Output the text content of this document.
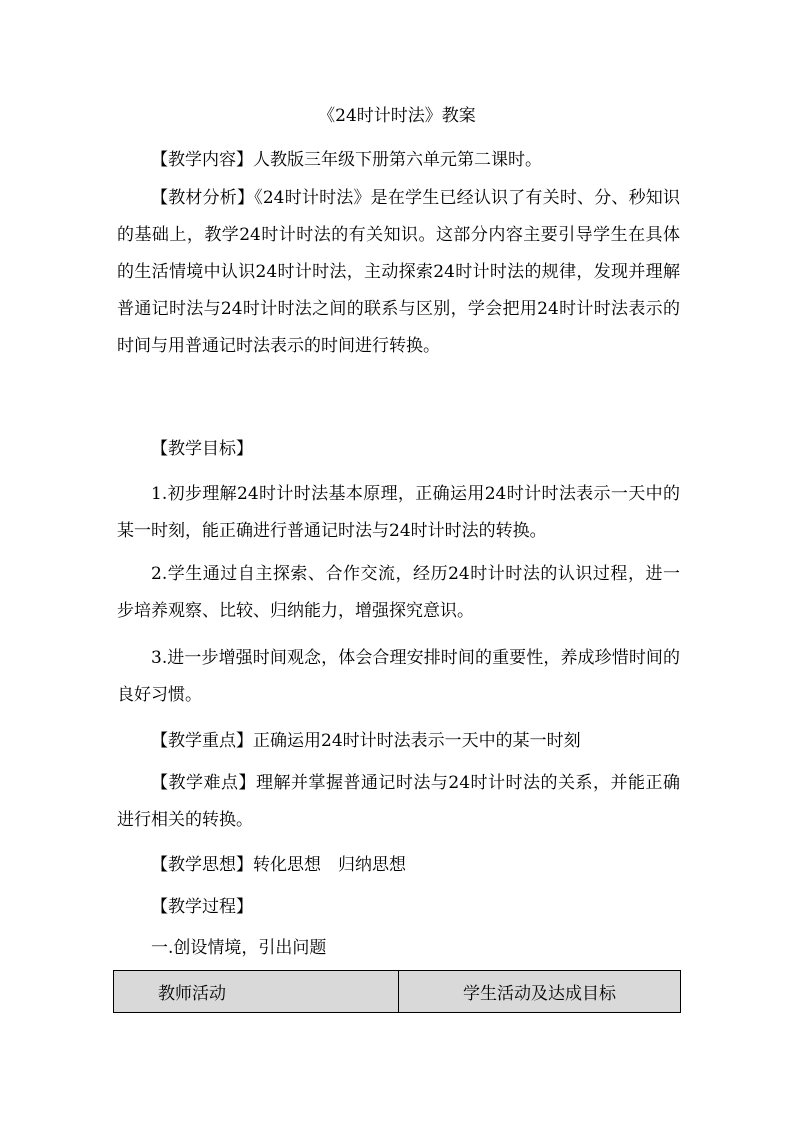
《24时计时法》教案

【教学内容】人教版三年级下册第六单元第二课时。

【教材分析】《24时计时法》是在学生已经认识了有关时、分、秒知识的基础上，教学24时计时法的有关知识。这部分内容主要引导学生在具体的生活情境中认识24时计时法，主动探索24时计时法的规律，发现并理解普通记时法与24时计时法之间的联系与区别，学会把用24时计时法表示的时间与用普通记时法表示的时间进行转换。

【教学目标】

1.初步理解24时计时法基本原理，正确运用24时计时法表示一天中的某一时刻，能正确进行普通记时法与24时计时法的转换。

2.学生通过自主探索、合作交流，经历24时计时法的认识过程，进一步培养观察、比较、归纳能力，增强探究意识。

3.进一步增强时间观念，体会合理安排时间的重要性，养成珍惜时间的良好习惯。

【教学重点】正确运用24时计时法表示一天中的某一时刻

【教学难点】理解并掌握普通记时法与24时计时法的关系，并能正确进行相关的转换。

【教学思想】转化思想　归纳思想

【教学过程】

一.创设情境，引出问题

教师活动	学生活动及达成目标
